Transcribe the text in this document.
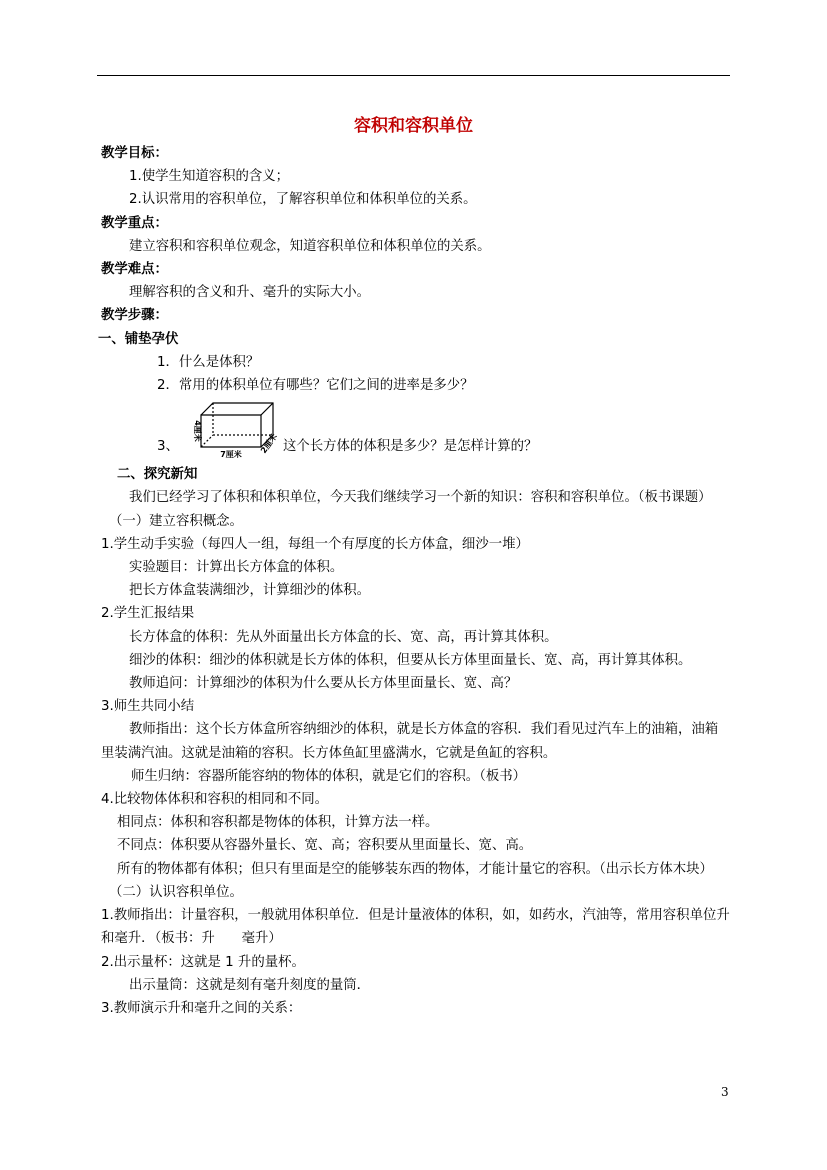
容积和容积单位
教学目标：
1.使学生知道容积的含义；
2.认识常用的容积单位，了解容积单位和体积单位的关系。
教学重点：
建立容积和容积单位观念，知道容积单位和体积单位的关系。
教学难点：
理解容积的含义和升、毫升的实际大小。
教学步骤：
一、铺垫孕伏
1．什么是体积？
2．常用的体积单位有哪些？它们之间的进率是多少？
3、
4厘米
7厘米 2厘米 这个长方体的体积是多少？是怎样计算的？
二、探究新知
我们已经学习了体积和体积单位，今天我们继续学习一个新的知识：容积和容积单位。（板书课题）
（一）建立容积概念。
1.学生动手实验（每四人一组，每组一个有厚度的长方体盒，细沙一堆）
实验题目：计算出长方体盒的体积。
把长方体盒装满细沙，计算细沙的体积。
2.学生汇报结果
长方体盒的体积：先从外面量出长方体盒的长、宽、高，再计算其体积。
细沙的体积：细沙的体积就是长方体的体积，但要从长方体里面量长、宽、高，再计算其体积。
教师追问：计算细沙的体积为什么要从长方体里面量长、宽、高？
3.师生共同小结
教师指出：这个长方体盒所容纳细沙的体积，就是长方体盒的容积．我们看见过汽车上的油箱，油箱里装满汽油。这就是油箱的容积。长方体鱼缸里盛满水，它就是鱼缸的容积。
师生归纳：容器所能容纳的物体的体积，就是它们的容积。（板书）
4.比较物体体积和容积的相同和不同。
相同点：体积和容积都是物体的体积，计算方法一样。
不同点：体积要从容器外量长、宽、高；容积要从里面量长、宽、高。
所有的物体都有体积；但只有里面是空的能够装东西的物体，才能计量它的容积。（出示长方体木块）
（二）认识容积单位。
1.教师指出：计量容积，一般就用体积单位．但是计量液体的体积，如，如药水，汽油等，常用容积单位升和毫升．（板书：升　　毫升）
2.出示量杯：这就是 1 升的量杯。
出示量筒：这就是刻有毫升刻度的量筒．
3.教师演示升和毫升之间的关系：
3
